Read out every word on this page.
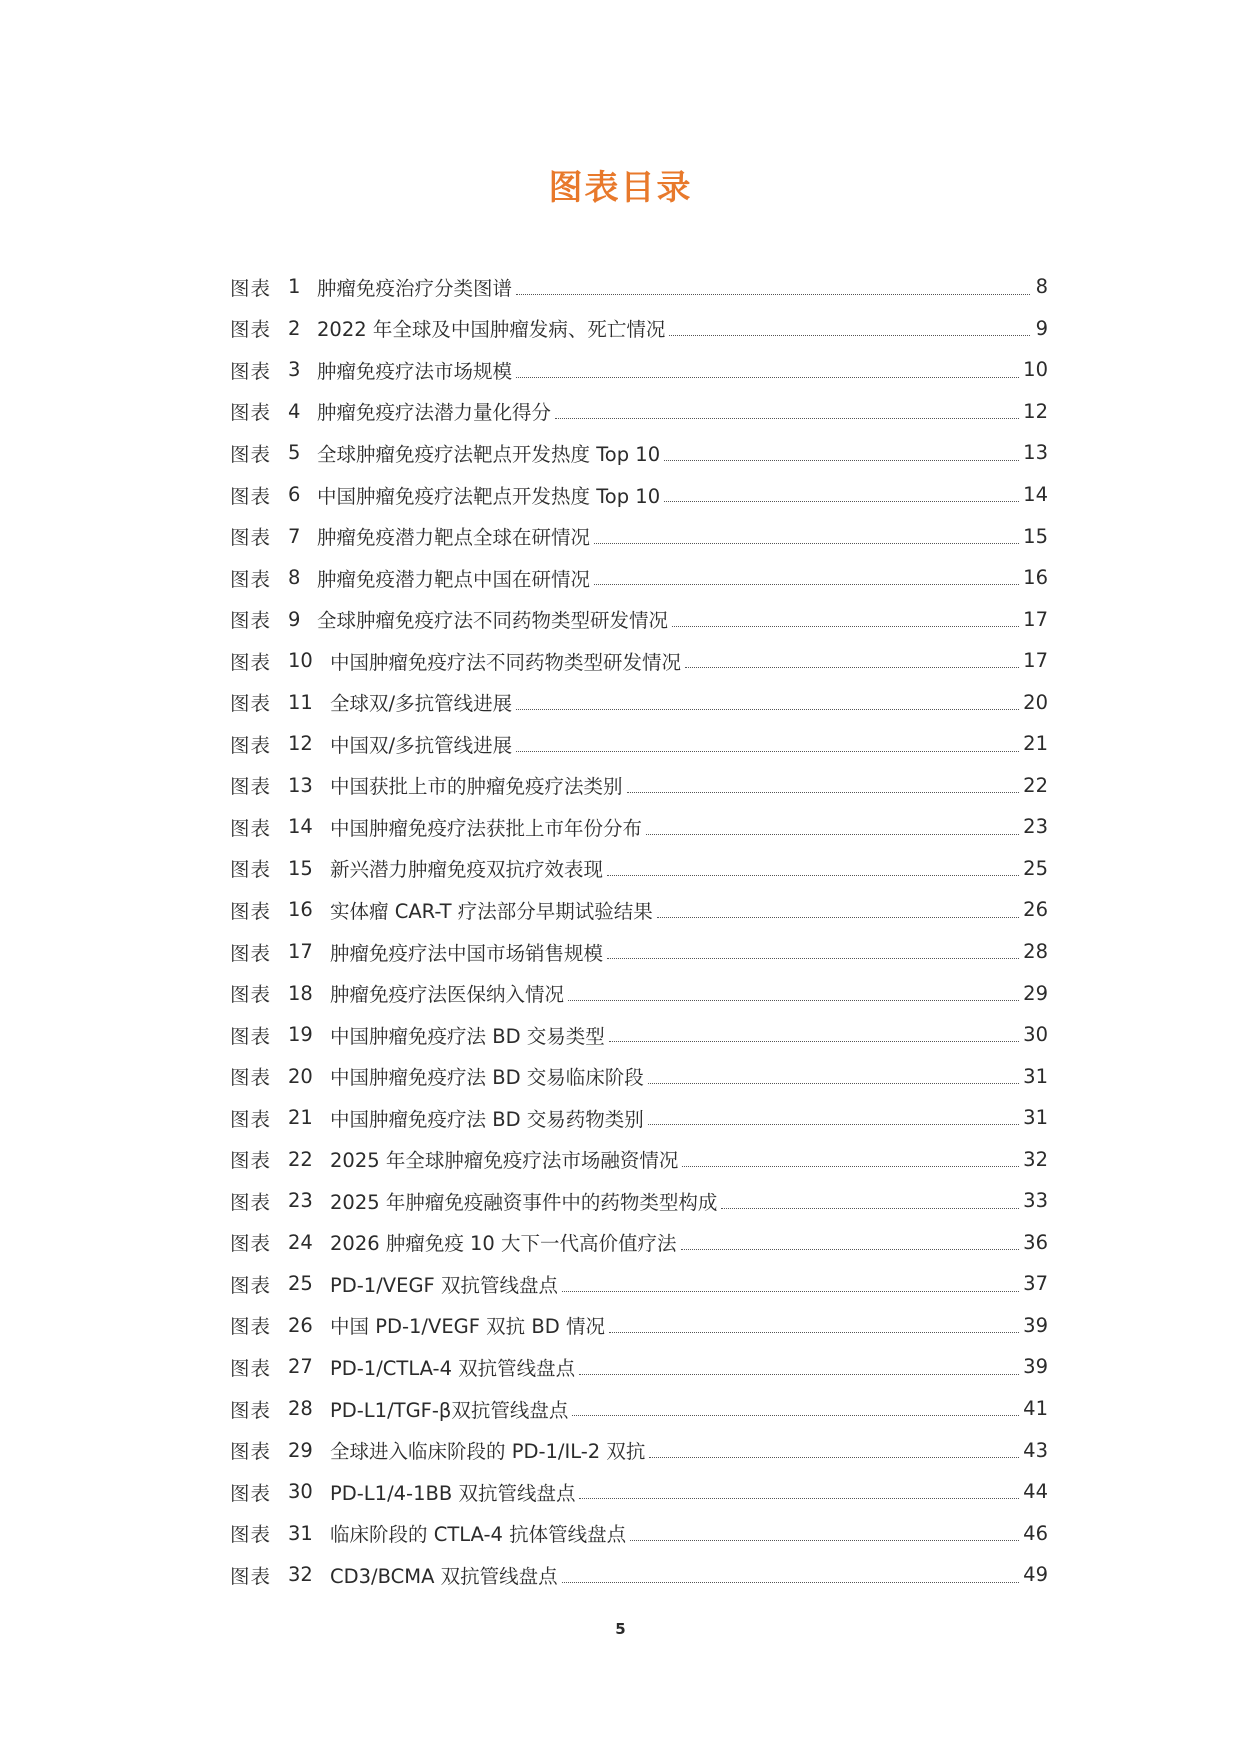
图表目录
图表 1 肿瘤免疫治疗分类图谱	8
图表 2 2022 年全球及中国肿瘤发病、死亡情况	9
图表 3 肿瘤免疫疗法市场规模	10
图表 4 肿瘤免疫疗法潜力量化得分	12
图表 5 全球肿瘤免疫疗法靶点开发热度 Top 10	13
图表 6 中国肿瘤免疫疗法靶点开发热度 Top 10	14
图表 7 肿瘤免疫潜力靶点全球在研情况	15
图表 8 肿瘤免疫潜力靶点中国在研情况	16
图表 9 全球肿瘤免疫疗法不同药物类型研发情况	17
图表 10 中国肿瘤免疫疗法不同药物类型研发情况	17
图表 11 全球双/多抗管线进展	20
图表 12 中国双/多抗管线进展	21
图表 13 中国获批上市的肿瘤免疫疗法类别	22
图表 14 中国肿瘤免疫疗法获批上市年份分布	23
图表 15 新兴潜力肿瘤免疫双抗疗效表现	25
图表 16 实体瘤 CAR-T 疗法部分早期试验结果	26
图表 17 肿瘤免疫疗法中国市场销售规模	28
图表 18 肿瘤免疫疗法医保纳入情况	29
图表 19 中国肿瘤免疫疗法 BD 交易类型	30
图表 20 中国肿瘤免疫疗法 BD 交易临床阶段	31
图表 21 中国肿瘤免疫疗法 BD 交易药物类别	31
图表 22 2025 年全球肿瘤免疫疗法市场融资情况	32
图表 23 2025 年肿瘤免疫融资事件中的药物类型构成	33
图表 24 2026 肿瘤免疫 10 大下一代高价值疗法	36
图表 25 PD-1/VEGF 双抗管线盘点	37
图表 26 中国 PD-1/VEGF 双抗 BD 情况	39
图表 27 PD-1/CTLA-4 双抗管线盘点	39
图表 28 PD-L1/TGF-β双抗管线盘点	41
图表 29 全球进入临床阶段的 PD-1/IL-2 双抗	43
图表 30 PD-L1/4-1BB 双抗管线盘点	44
图表 31 临床阶段的 CTLA-4 抗体管线盘点	46
图表 32 CD3/BCMA 双抗管线盘点	49
5
